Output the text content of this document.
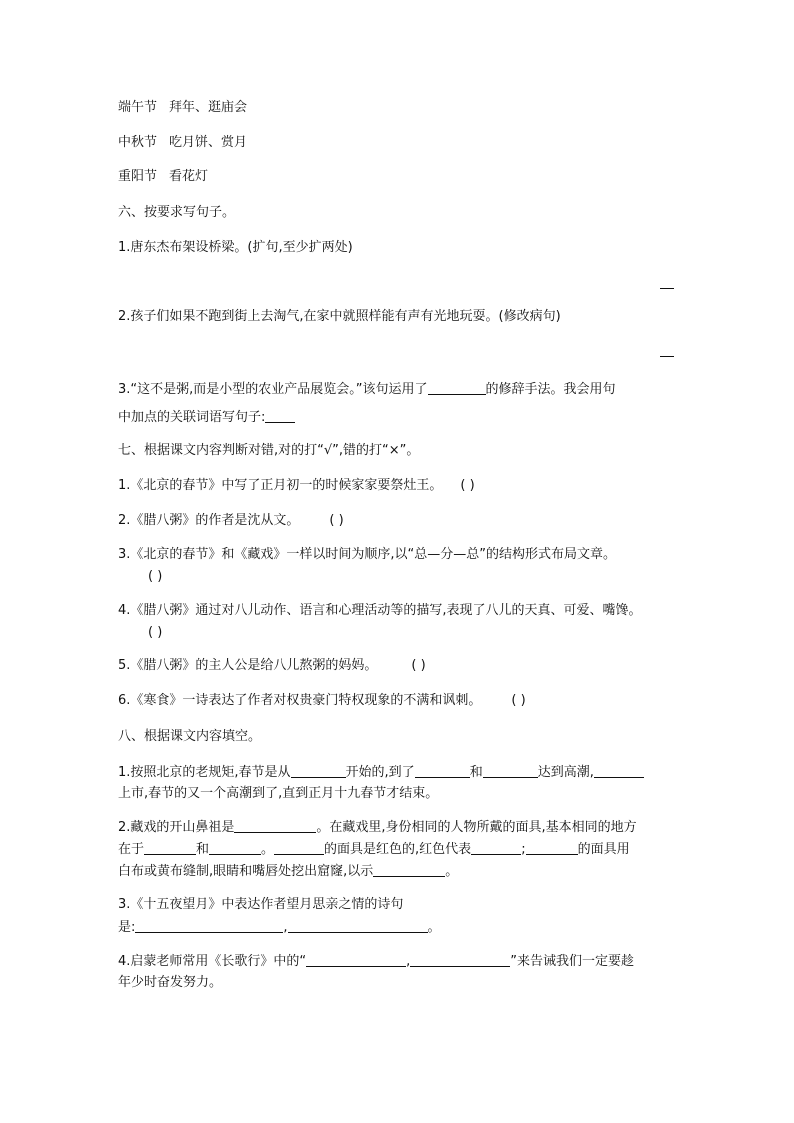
端午节 拜年、逛庙会
中秋节 吃月饼、赏月
重阳节 看花灯
六、按要求写句子。
1.唐东杰布架设桥梁。(扩句,至少扩两处)
2.孩子们如果不跑到街上去淘气,在家中就照样能有声有光地玩耍。(修改病句)
3.“这不是粥,而是小型的农业产品展览会。”该句运用了	的修辞手法。我会用句
中加点的关联词语写句子:
七、根据课文内容判断对错,对的打“√”,错的打“×”。
1.《北京的春节》中写了正月初一的时候家家要祭灶王。 ( )
2.《腊八粥》的作者是沈从文。 ( )
3.《北京的春节》和《藏戏》一样以时间为顺序,以“总—分—总”的结构形式布局文章。
( )
4.《腊八粥》通过对八儿动作、语言和心理活动等的描写,表现了八儿的天真、可爱、嘴馋。
( )
5.《腊八粥》的主人公是给八儿熬粥的妈妈。	( )
6.《寒食》一诗表达了作者对权贵豪门特权现象的不满和讽刺。 ( )
八、根据课文内容填空。
1.按照北京的老规矩,春节是从	开始的,到了	和	达到高潮,
上市,春节的又一个高潮到了,直到正月十九春节才结束。
2.藏戏的开山鼻祖是	。在藏戏里,身份相同的人物所戴的面具,基本相同的地方
在于	和	。	的面具是红色的,红色代表	;	的面具用
白布或黄布缝制,眼睛和嘴唇处挖出窟窿,以示	。
3.《十五夜望月》中表达作者望月思亲之情的诗句
是:	,	。
4.启蒙老师常用《长歌行》中的“	,	”来告诫我们一定要趁
年少时奋发努力。
